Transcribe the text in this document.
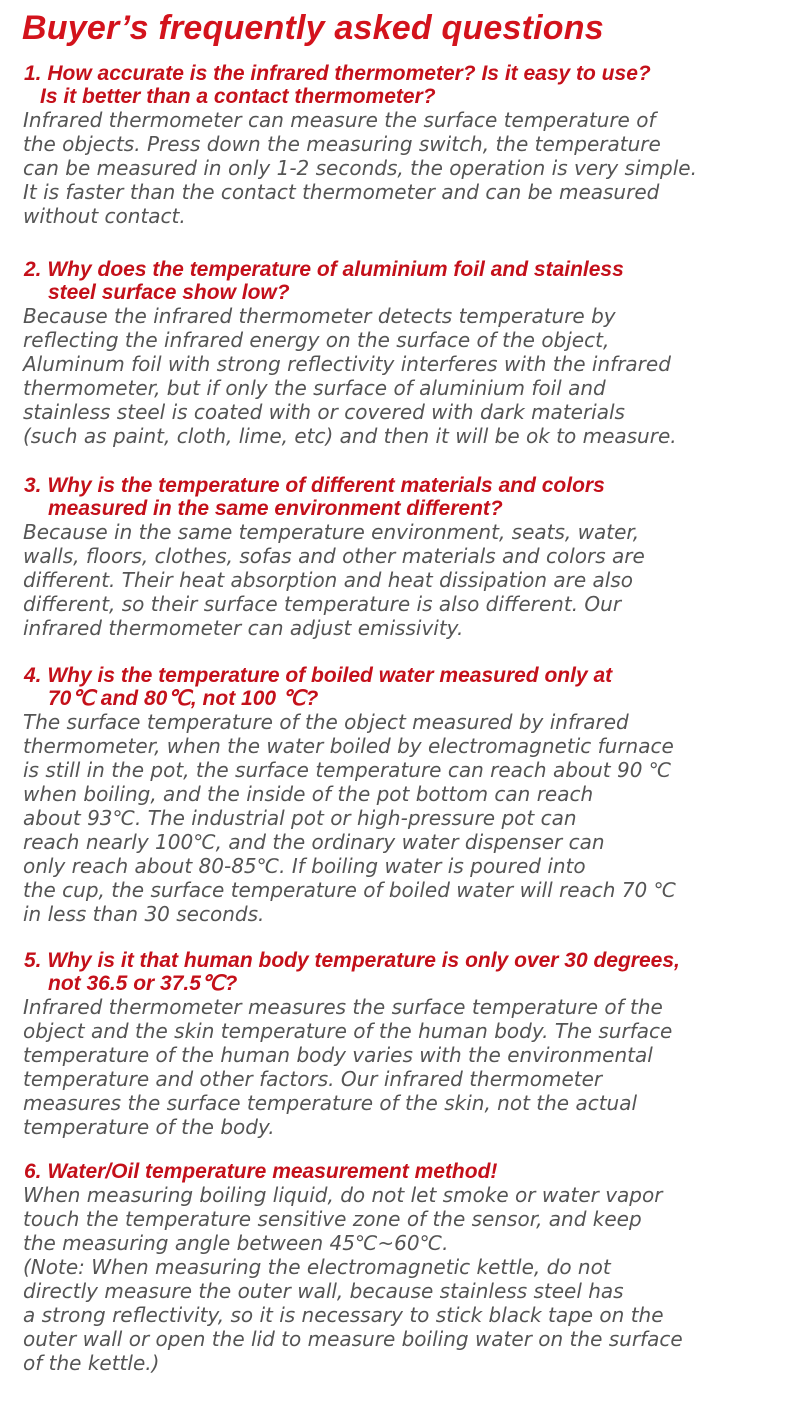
Buyer’s frequently asked questions
1. How accurate is the infrared thermometer? Is it easy to use?
Is it better than a contact thermometer?
Infrared thermometer can measure the surface temperature of
the objects. Press down the measuring switch, the temperature
can be measured in only 1-2 seconds, the operation is very simple.
It is faster than the contact thermometer and can be measured
without contact.
2. Why does the temperature of aluminium foil and stainless
steel surface show low?
Because the infrared thermometer detects temperature by
reflecting the infrared energy on the surface of the object,
Aluminum foil with strong reflectivity interferes with the infrared
thermometer, but if only the surface of aluminium foil and
stainless steel is coated with or covered with dark materials
(such as paint, cloth, lime, etc) and then it will be ok to measure.
3. Why is the temperature of different materials and colors
measured in the same environment different?
Because in the same temperature environment, seats, water,
walls, floors, clothes, sofas and other materials and colors are
different. Their heat absorption and heat dissipation are also
different, so their surface temperature is also different. Our
infrared thermometer can adjust emissivity.
4. Why is the temperature of boiled water measured only at
70℃ and 80℃, not 100 ℃?
The surface temperature of the object measured by infrared
thermometer, when the water boiled by electromagnetic furnace
is still in the pot, the surface temperature can reach about 90 ℃
when boiling, and the inside of the pot bottom can reach
about 93℃. The industrial pot or high-pressure pot can
reach nearly 100℃, and the ordinary water dispenser can
only reach about 80-85℃. If boiling water is poured into
the cup, the surface temperature of boiled water will reach 70 ℃
in less than 30 seconds.
5. Why is it that human body temperature is only over 30 degrees,
not 36.5 or 37.5℃?
Infrared thermometer measures the surface temperature of the
object and the skin temperature of the human body. The surface
temperature of the human body varies with the environmental
temperature and other factors. Our infrared thermometer
measures the surface temperature of the skin, not the actual
temperature of the body.
6. Water/Oil temperature measurement method!
When measuring boiling liquid, do not let smoke or water vapor
touch the temperature sensitive zone of the sensor, and keep
the measuring angle between 45℃~60℃.
(Note: When measuring the electromagnetic kettle, do not
directly measure the outer wall, because stainless steel has
a strong reflectivity, so it is necessary to stick black tape on the
outer wall or open the lid to measure boiling water on the surface
of the kettle.)
